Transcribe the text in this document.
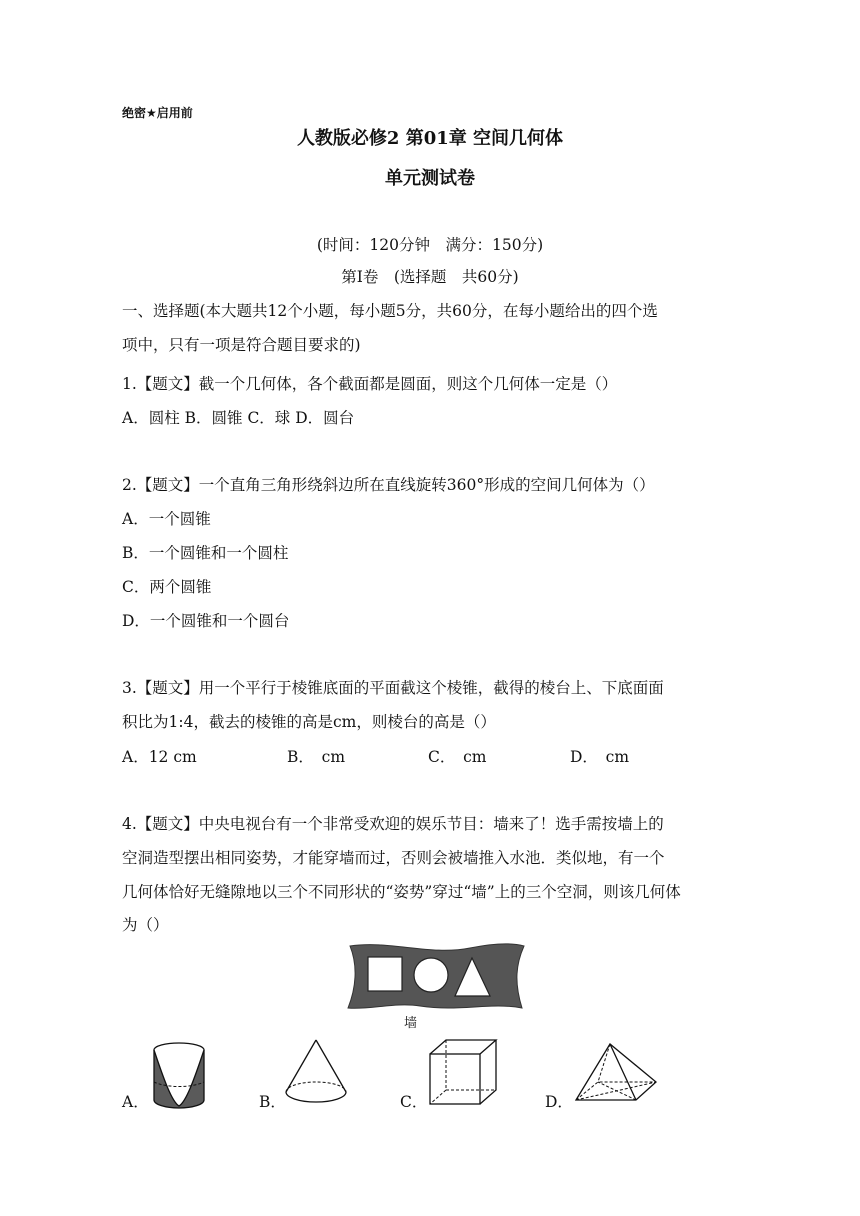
绝密★启用前
人教版必修2 第01章 空间几何体
单元测试卷
(时间：120分钟　满分：150分)
第Ⅰ卷　(选择题　共60分)
一、选择题(本大题共12个小题，每小题5分，共60分，在每小题给出的四个选
项中，只有一项是符合题目要求的)
1.【题文】截一个几何体，各个截面都是圆面，则这个几何体一定是（）
A．圆柱 B．圆锥 C．球 D．圆台
2.【题文】一个直角三角形绕斜边所在直线旋转360°形成的空间几何体为（）
A．一个圆锥
B．一个圆锥和一个圆柱
C．两个圆锥
D．一个圆锥和一个圆台
3.【题文】用一个平行于棱锥底面的平面截这个棱锥，截得的棱台上、下底面面
积比为1:4，截去的棱锥的高是cm，则棱台的高是（）
A．12 cm	B．　cm	C．　cm	D．　cm
4.【题文】中央电视台有一个非常受欢迎的娱乐节目：墙来了！选手需按墙上的
空洞造型摆出相同姿势，才能穿墙而过，否则会被墙推入水池．类似地，有一个
几何体恰好无缝隙地以三个不同形状的“姿势”穿过“墙”上的三个空洞，则该几何体
为（）
墙
A．	B．	C．	D．
